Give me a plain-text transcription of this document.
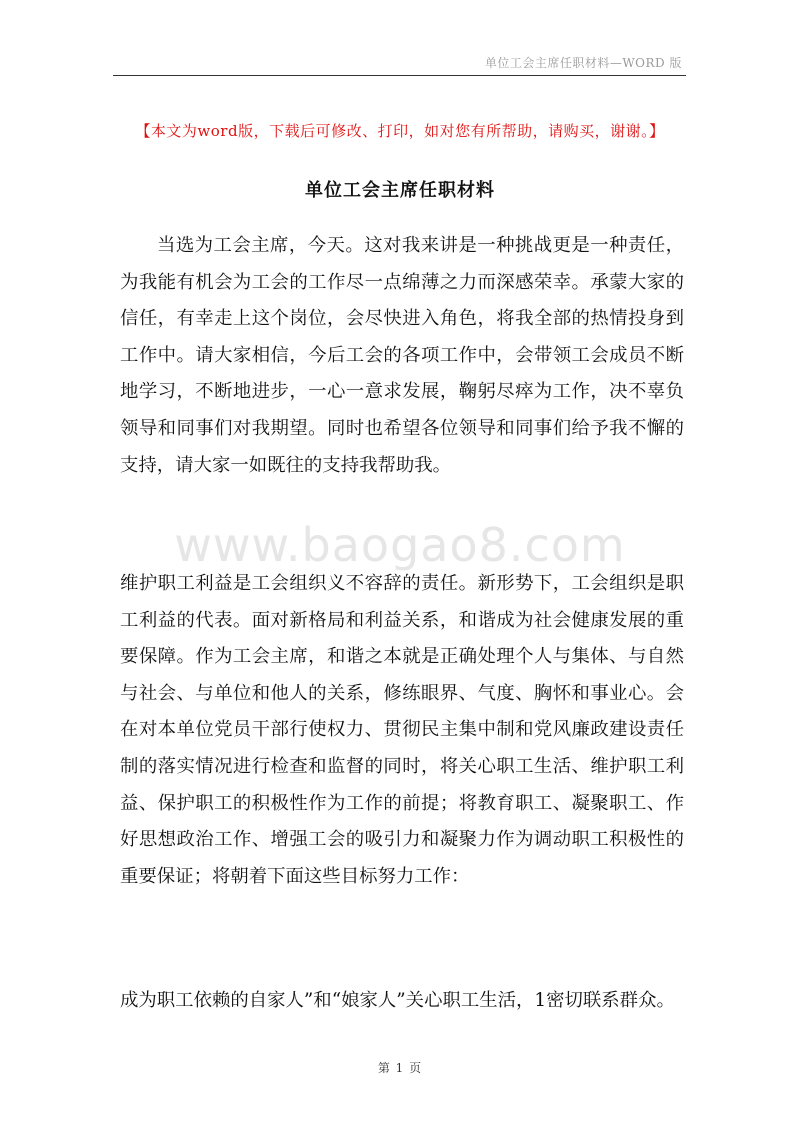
单位工会主席任职材料—WORD 版
【本文为word版，下载后可修改、打印，如对您有所帮助，请购买，谢谢。】
单位工会主席任职材料

当选为工会主席，今天。这对我来讲是一种挑战更是一种责任，为我能有机会为工会的工作尽一点绵薄之力而深感荣幸。承蒙大家的信任，有幸走上这个岗位，会尽快进入角色，将我全部的热情投身到工作中。请大家相信，今后工会的各项工作中，会带领工会成员不断地学习，不断地进步，一心一意求发展，鞠躬尽瘁为工作，决不辜负领导和同事们对我期望。同时也希望各位领导和同事们给予我不懈的支持，请大家一如既往的支持我帮助我。

www.baogao8.com

维护职工利益是工会组织义不容辞的责任。新形势下，工会组织是职工利益的代表。面对新格局和利益关系，和谐成为社会健康发展的重要保障。作为工会主席，和谐之本就是正确处理个人与集体、与自然与社会、与单位和他人的关系，修练眼界、气度、胸怀和事业心。会在对本单位党员干部行使权力、贯彻民主集中制和党风廉政建设责任制的落实情况进行检查和监督的同时，将关心职工生活、维护职工利益、保护职工的积极性作为工作的前提；将教育职工、凝聚职工、作好思想政治工作、增强工会的吸引力和凝聚力作为调动职工积极性的重要保证；将朝着下面这些目标努力工作：

成为职工依赖的自家人”和“娘家人”关心职工生活，1密切联系群众。

第 1 页
